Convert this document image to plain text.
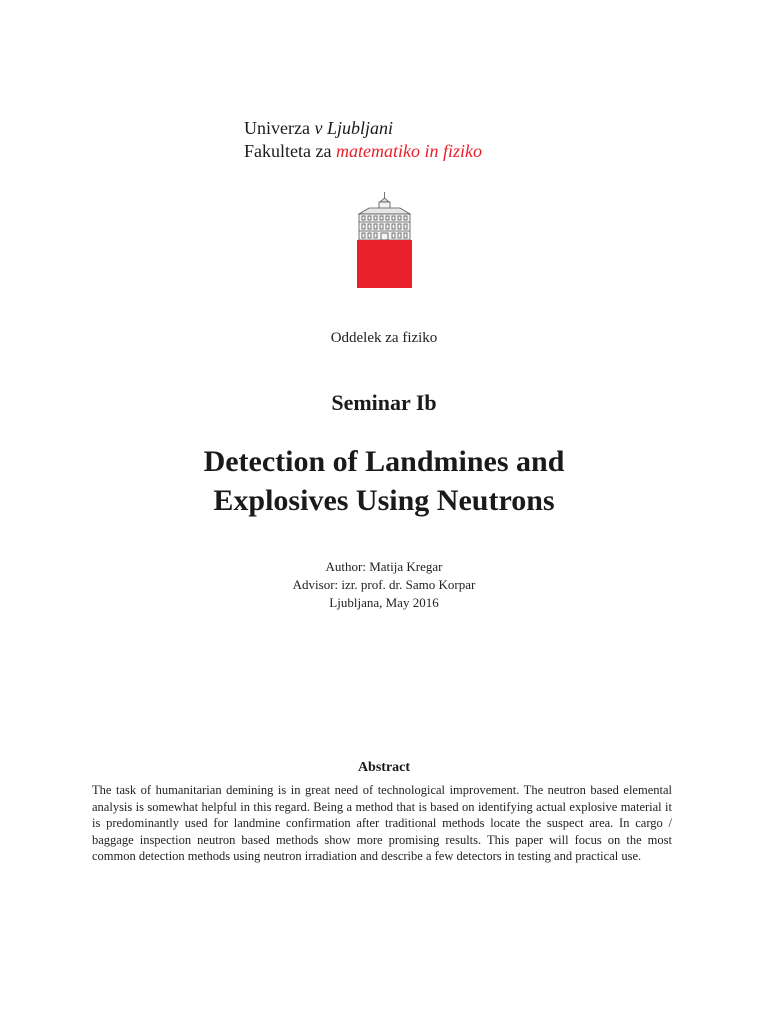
Univerza v Ljubljani
Fakulteta za matematiko in fiziko
Oddelek za fiziko
Seminar Ib
Detection of Landmines and
Explosives Using Neutrons
Author: Matija Kregar
Advisor: izr. prof. dr. Samo Korpar
Ljubljana, May 2016
Abstract
The task of humanitarian demining is in great need of technological improvement. The neutron based elemental analysis is somewhat helpful in this regard. Being a method that is based on identifying actual explosive material it is predominantly used for landmine confirmation after traditional methods locate the suspect area. In cargo / baggage inspection neutron based methods show more promising results. This paper will focus on the most common detection methods using neutron irradiation and describe a few detectors in testing and practical use.
